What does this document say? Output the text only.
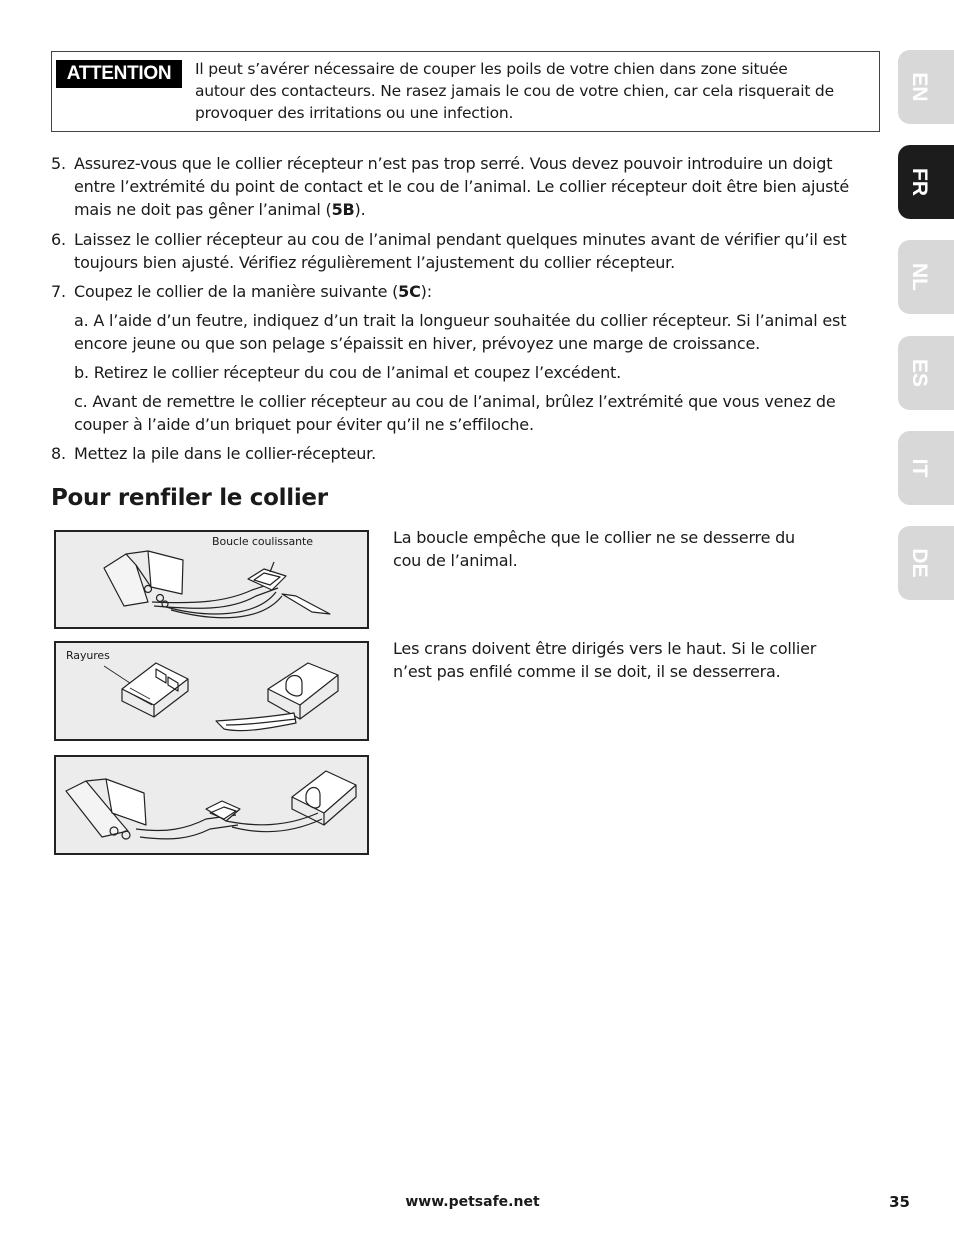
ATTENTION	Il peut s’avérer nécessaire de couper les poils de votre chien dans zone située
autour des contacteurs. Ne rasez jamais le cou de votre chien, car cela risquerait de
provoquer des irritations ou une infection.
5. Assurez-vous que le collier récepteur n’est pas trop serré. Vous devez pouvoir introduire un doigt
entre l’extrémité du point de contact et le cou de l’animal. Le collier récepteur doit être bien ajusté
mais ne doit pas gêner l’animal (5B).
6. Laissez le collier récepteur au cou de l’animal pendant quelques minutes avant de vérifier qu’il est
toujours bien ajusté. Vérifiez régulièrement l’ajustement du collier récepteur.
7. Coupez le collier de la manière suivante (5C):
a. A l’aide d’un feutre, indiquez d’un trait la longueur souhaitée du collier récepteur. Si l’animal est
encore jeune ou que son pelage s’épaissit en hiver, prévoyez une marge de croissance.
b. Retirez le collier récepteur du cou de l’animal et coupez l’excédent.
c. Avant de remettre le collier récepteur au cou de l’animal, brûlez l’extrémité que vous venez de
couper à l’aide d’un briquet pour éviter qu’il ne s’effiloche.
8. Mettez la pile dans le collier-récepteur.
Pour renfiler le collier
Boucle coulissante
Rayures
La boucle empêche que le collier ne se desserre du
cou de l’animal.
Les crans doivent être dirigés vers le haut. Si le collier
n’est pas enfilé comme il se doit, il se desserrera.
EN
FR
NL
ES
IT
DE
www.petsafe.net	35
